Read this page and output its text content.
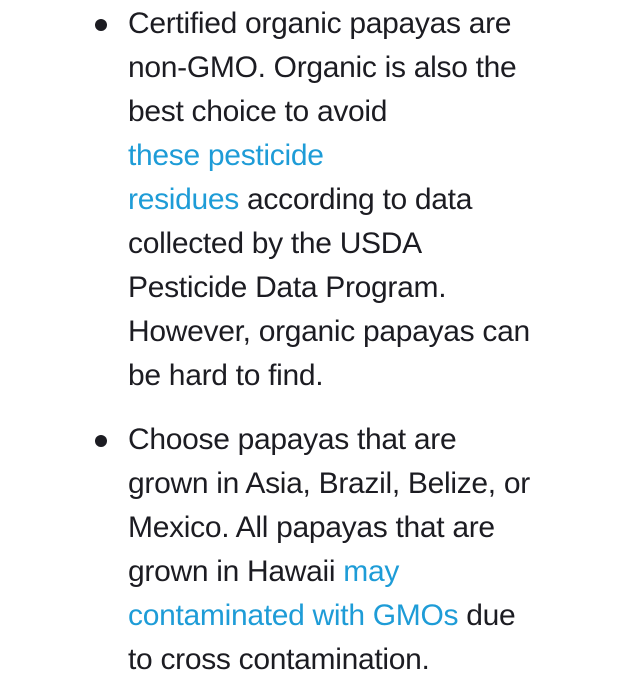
Certified organic papayas are
non-GMO. Organic is also the
best choice to avoid
these pesticide
residues according to data
collected by the USDA
Pesticide Data Program.
However, organic papayas can
be hard to find.
Choose papayas that are
grown in Asia, Brazil, Belize, or
Mexico. All papayas that are
grown in Hawaii may
contaminated with GMOs due
to cross contamination.
